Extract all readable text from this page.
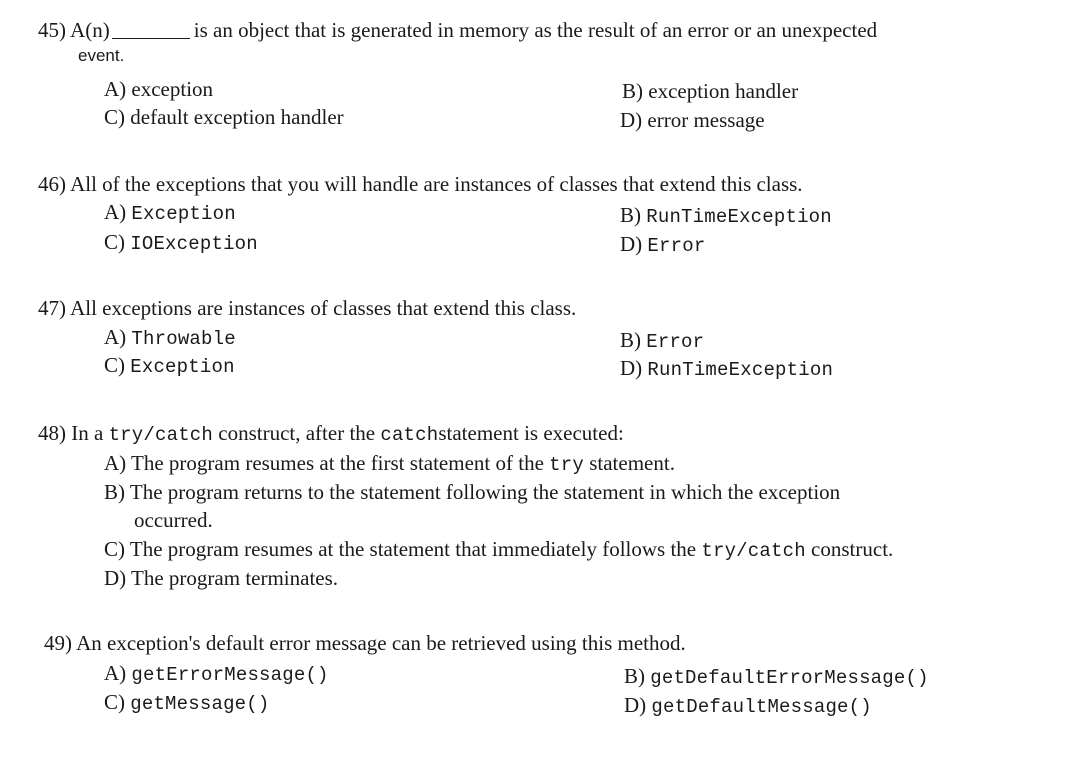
45) A(n)	is an object that is generated in memory as the result of an error or an unexpected
event.
A) exception	B) exception handler
C) default exception handler	D) error message
46) All of the exceptions that you will handle are instances of classes that extend this class.
A) Exception	B) RunTimeException
C) IOException	D) Error
47) All exceptions are instances of classes that extend this class.
A) Throwable	B) Error
C) Exception	D) RunTimeException
48) In a try/catch construct, after the catchstatement is executed:
A) The program resumes at the first statement of the try statement.
B) The program returns to the statement following the statement in which the exception
occurred.
C) The program resumes at the statement that immediately follows the try/catch construct.
D) The program terminates.
49) An exception's default error message can be retrieved using this method.
A) getErrorMessage()	B) getDefaultErrorMessage()
C) getMessage()	D) getDefaultMessage()
